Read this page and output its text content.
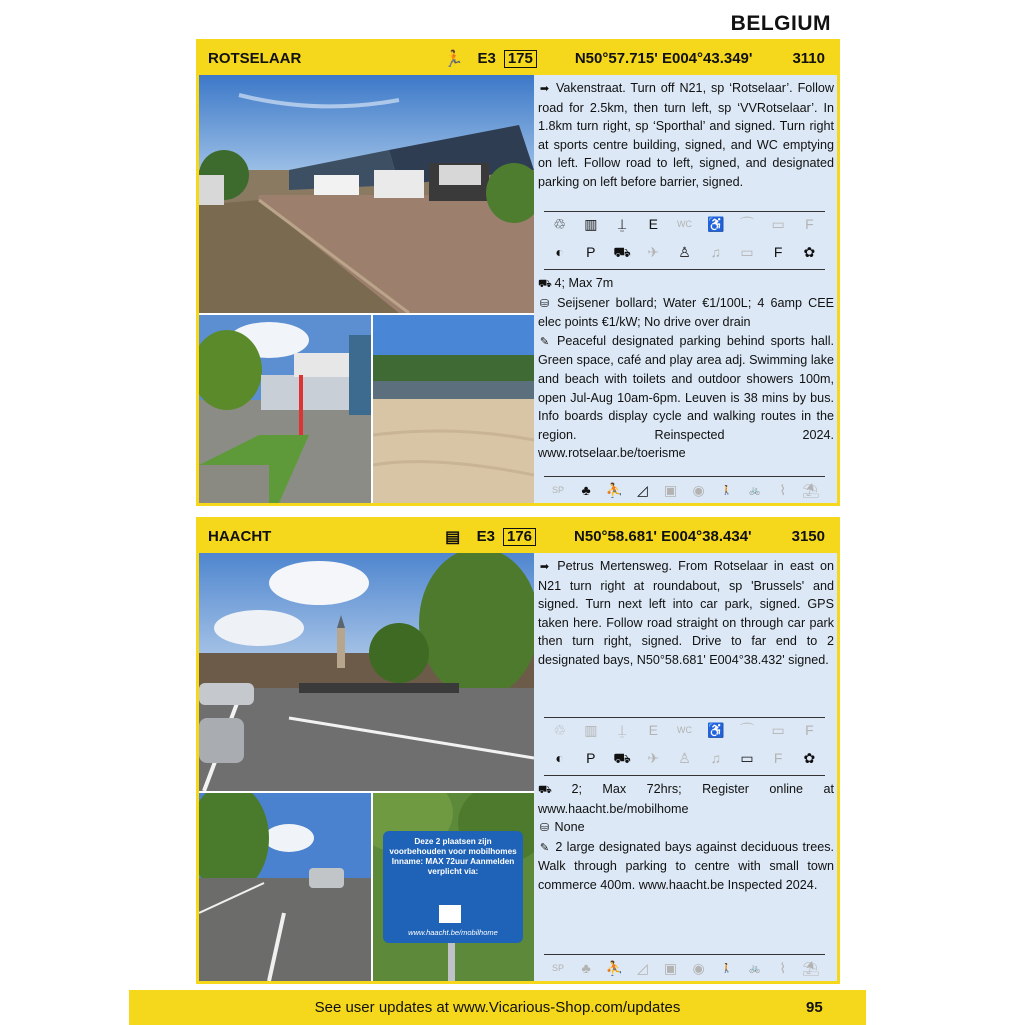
BELGIUM
ROTSELAAR	🏃 E3 175	N50°57.715' E004°43.349'	3110

➡ Vakenstraat. Turn off N21, sp ‘Rotselaar’. Follow road for 2.5km, then turn left, sp ‘VVRotselaar’. In 1.8km turn right, sp ‘Sporthal’ and signed. Turn right at sports centre building, signed, and WC emptying on left. Follow road to left, signed, and designated parking on left before barrier, signed.

♲	▥	⍊	E	WC	♿	⌒	▭	F
◐	P	⛟	✈	♙	♫	▭	F	✿

⛟ 4; Max 7m

⛁ Seijsener bollard; Water €1/100L; 4 6amp CEE elec points €1/kW; No drive over drain

✎ Peaceful designated parking behind sports hall. Green space, café and play area adj. Swimming lake and beach with toilets and outdoor showers 100m, open Jul-Aug 10am-6pm. Leuven is 38 mins by bus. Info boards display cycle and walking routes in the region. Reinspected 2024. www.rotselaar.be/toerisme

SP	♣	⛹	◿	▣	◉	🚶	🚲	⌇	⛱
HAACHT	▤ E3 176	N50°58.681' E004°38.434'	3150
Deze 2 plaatsen zijn voorbehouden voor mobilhomes Inname: MAX 72uur Aanmelden verplicht via:
www.haacht.be/mobilhome

➡ Petrus Mertensweg. From Rotselaar in east on N21 turn right at roundabout, sp 'Brussels' and signed. Turn next left into car park, signed. GPS taken here. Follow road straight on through car park then turn right, signed. Drive to far end to 2 designated bays, N50°58.681' E004°38.432' signed.

♲	▥	⍊	E	WC	♿	⌒	▭	F
◐	P	⛟	✈	♙	♫	▭	F	✿

⛟ 2; Max 72hrs; Register online at www.haacht.be/mobilhome

⛁ None

✎ 2 large designated bays against deciduous trees. Walk through parking to centre with small town commerce 400m. www.haacht.be Inspected 2024.

SP	♣	⛹	◿	▣	◉	🚶	🚲	⌇	⛱
See user updates at www.Vicarious-Shop.com/updates	95
